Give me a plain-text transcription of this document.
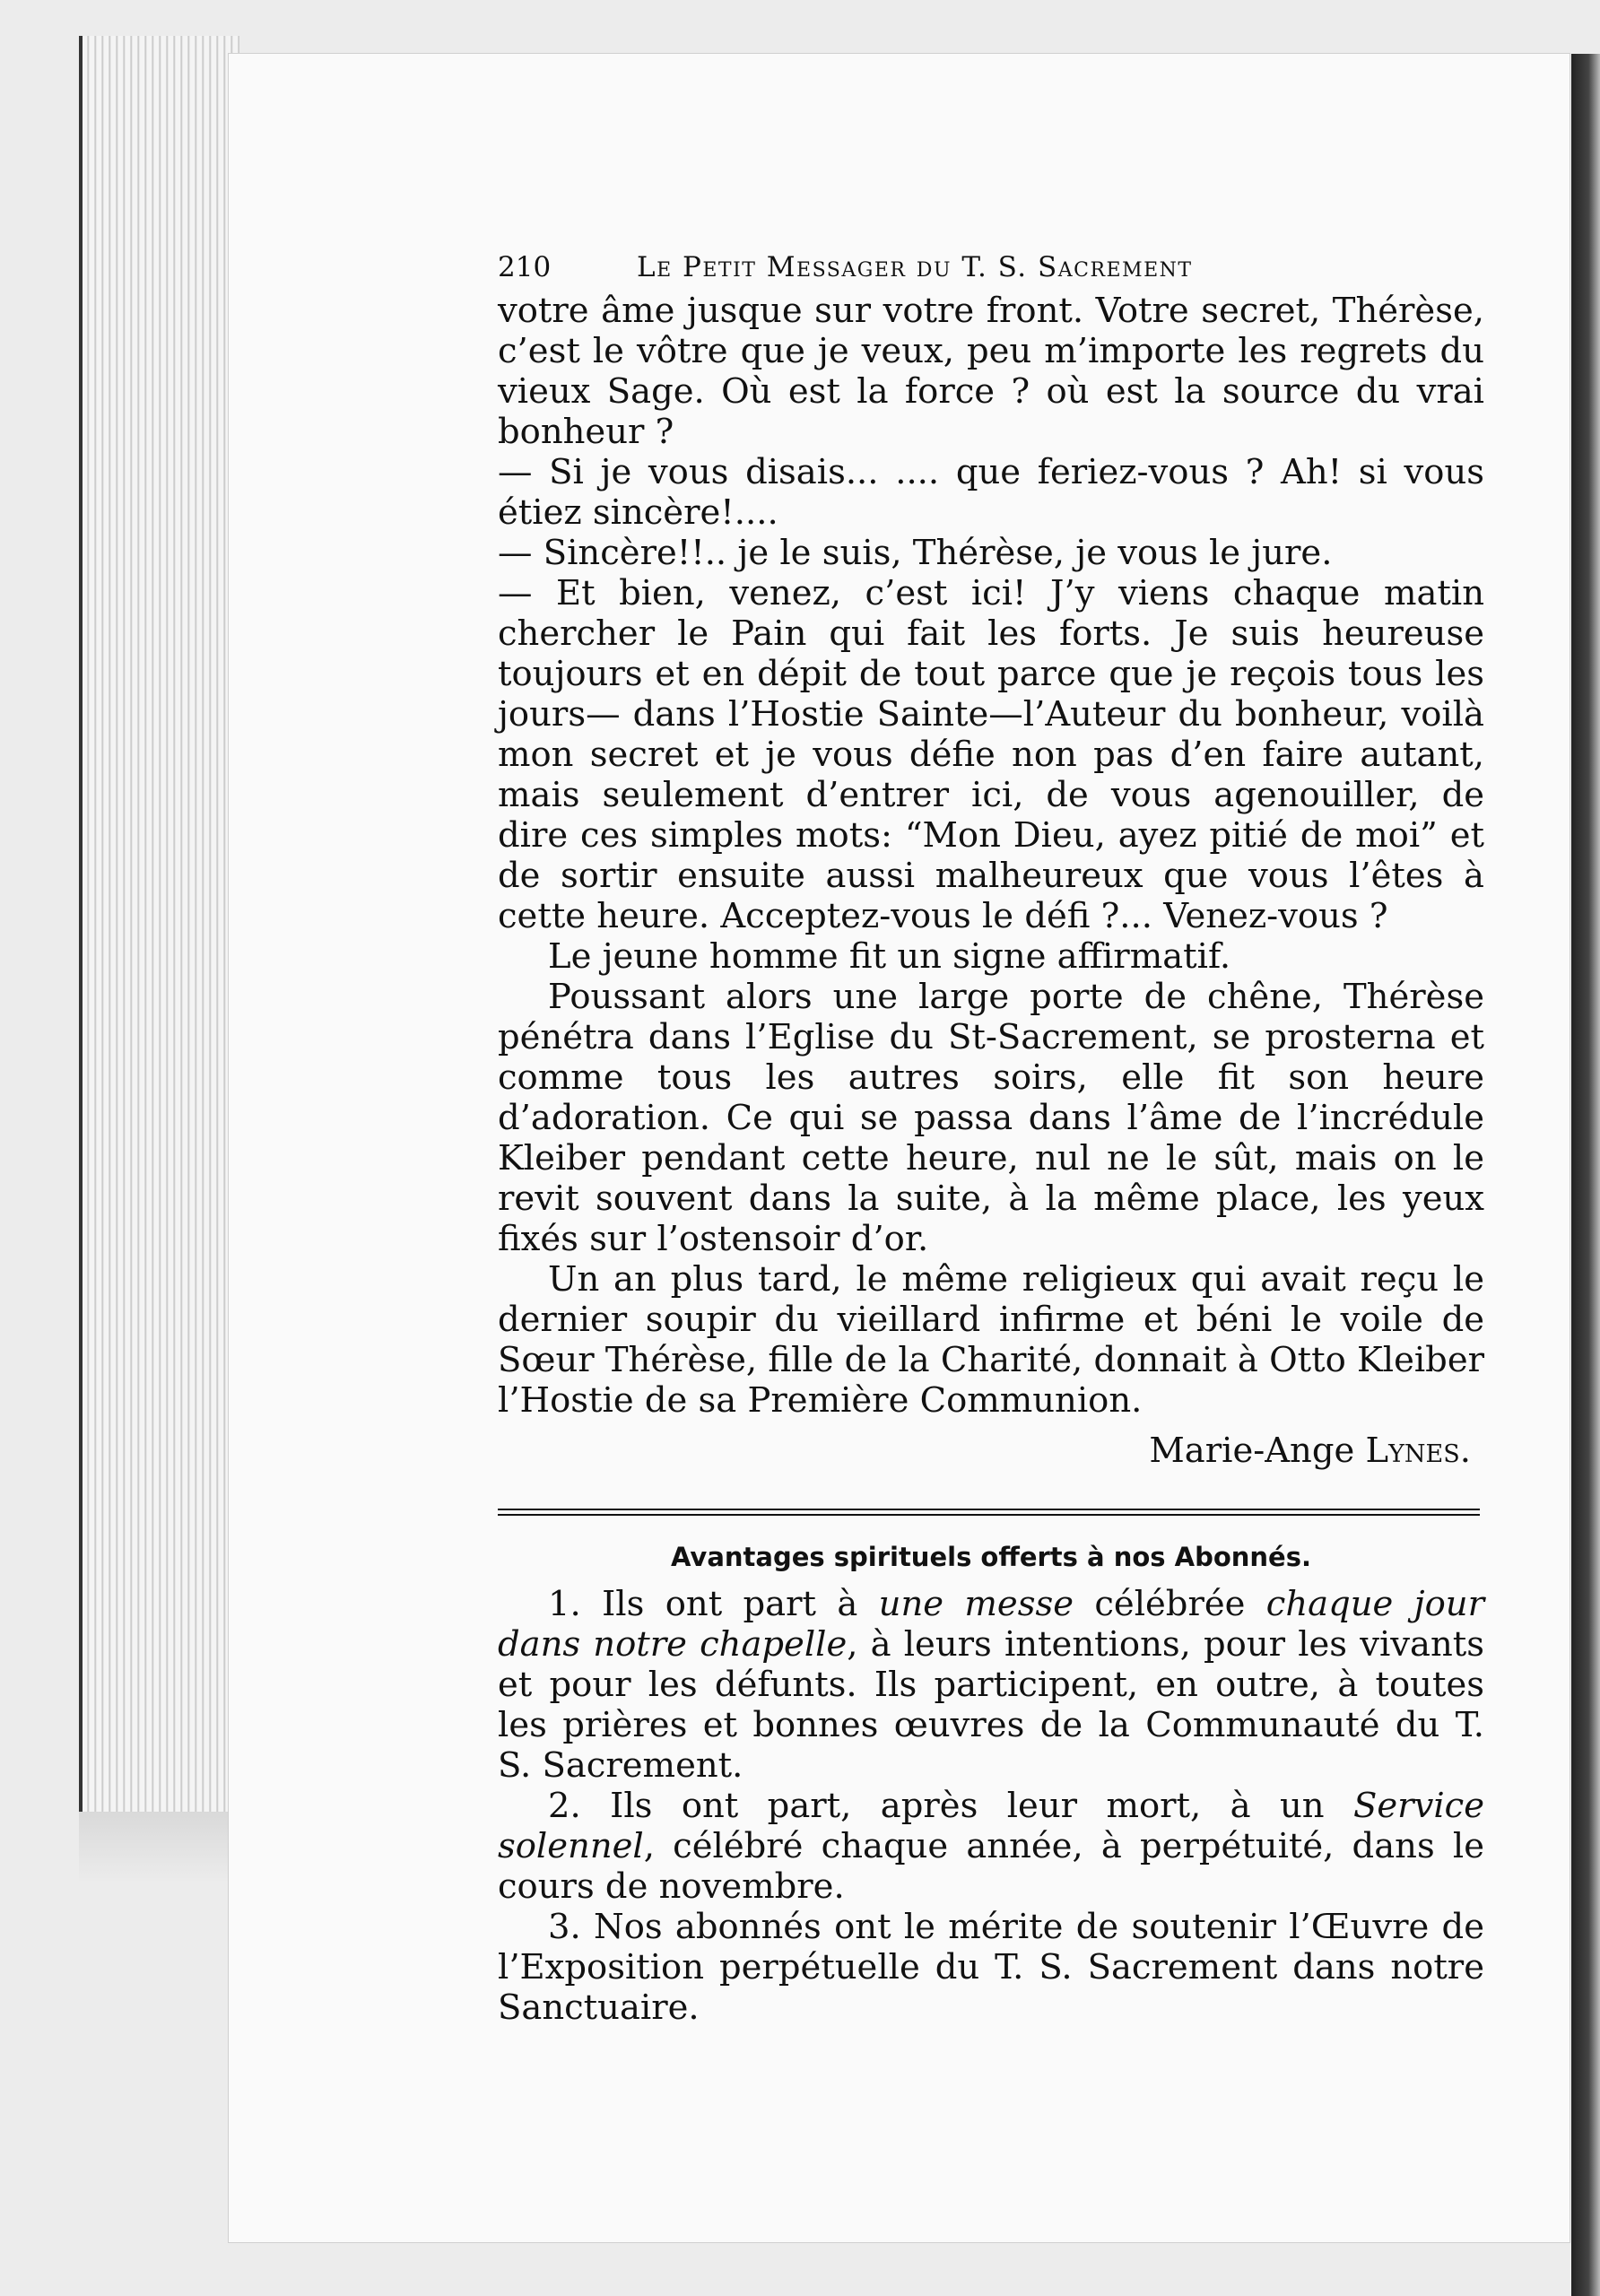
210	Le Petit Messager du T. S. Sacrement

votre âme jusque sur votre front. Votre secret, Thérèse, c’est le vôtre que je veux, peu m’importe les regrets du vieux Sage. Où est la force ? où est la source du vrai bonheur ?

— Si je vous disais... .... que feriez-vous ? Ah! si vous étiez sincère!....

— Sincère!!.. je le suis, Thérèse, je vous le jure.

— Et bien, venez, c’est ici! J’y viens chaque matin chercher le Pain qui fait les forts. Je suis heureuse toujours et en dépit de tout parce que je reçois tous les jours— dans l’Hostie Sainte—l’Auteur du bonheur, voilà mon secret et je vous défie non pas d’en faire autant, mais seulement d’entrer ici, de vous agenouiller, de dire ces simples mots: “Mon Dieu, ayez pitié de moi” et de sortir ensuite aussi malheureux que vous l’êtes à cette heure. Acceptez-vous le défi ?... Venez-vous ?

Le jeune homme fit un signe affirmatif.

Poussant alors une large porte de chêne, Thérèse pénétra dans l’Eglise du St-Sacrement, se prosterna et comme tous les autres soirs, elle fit son heure d’adoration. Ce qui se passa dans l’âme de l’incrédule Kleiber pendant cette heure, nul ne le sût, mais on le revit souvent dans la suite, à la même place, les yeux fixés sur l’ostensoir d’or.

Un an plus tard, le même religieux qui avait reçu le dernier soupir du vieillard infirme et béni le voile de Sœur Thérèse, fille de la Charité, donnait à Otto Kleiber l’Hostie de sa Première Communion.

Marie-Ange Lynes.
Avantages spirituels offerts à nos Abonnés.

1. Ils ont part à une messe célébrée chaque jour dans notre chapelle, à leurs intentions, pour les vivants et pour les défunts. Ils participent, en outre, à toutes les prières et bonnes œuvres de la Communauté du T. S. Sacrement.

2. Ils ont part, après leur mort, à un Service solennel, célébré chaque année, à perpétuité, dans le cours de novembre.

3. Nos abonnés ont le mérite de soutenir l’Œuvre de l’Exposition perpétuelle du T. S. Sacrement dans notre Sanctuaire.
